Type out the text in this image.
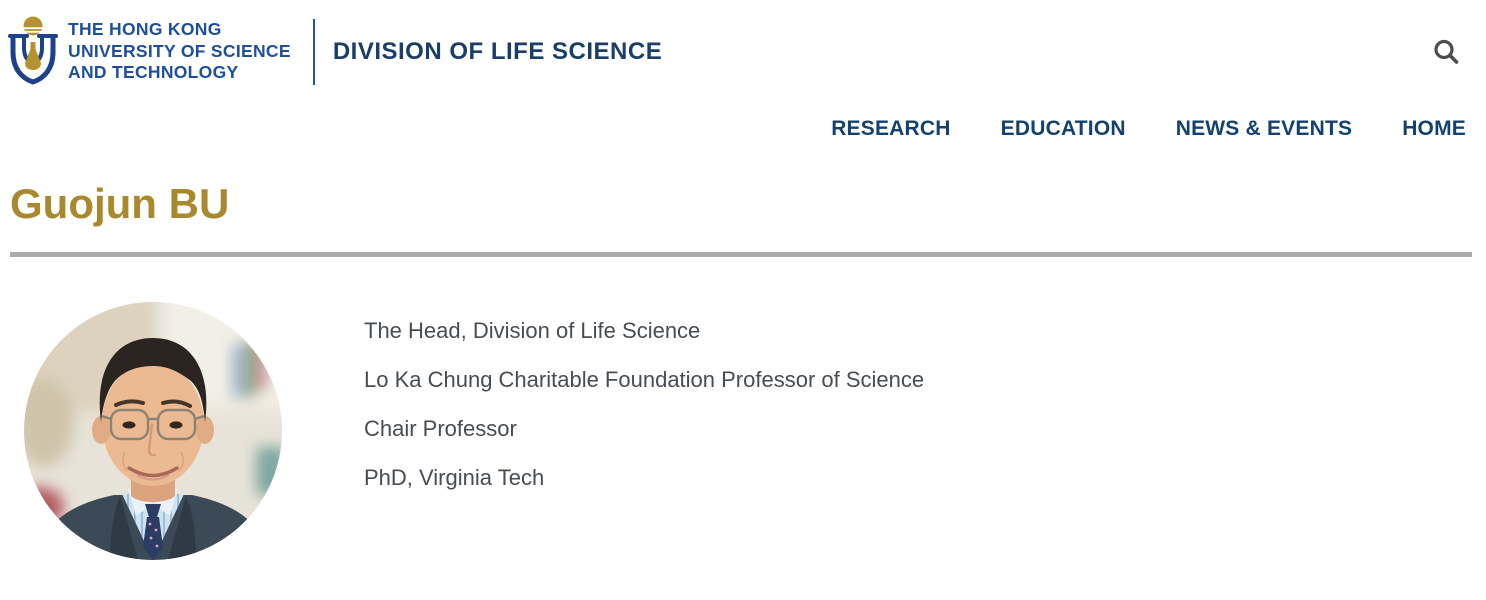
THE HONG KONG
UNIVERSITY OF SCIENCE
AND TECHNOLOGY
DIVISION OF LIFE SCIENCE
RESEARCH EDUCATION NEWS & EVENTS HOME
Guojun BU

The Head, Division of Life Science

Lo Ka Chung Charitable Foundation Professor of Science

Chair Professor

PhD, Virginia Tech
